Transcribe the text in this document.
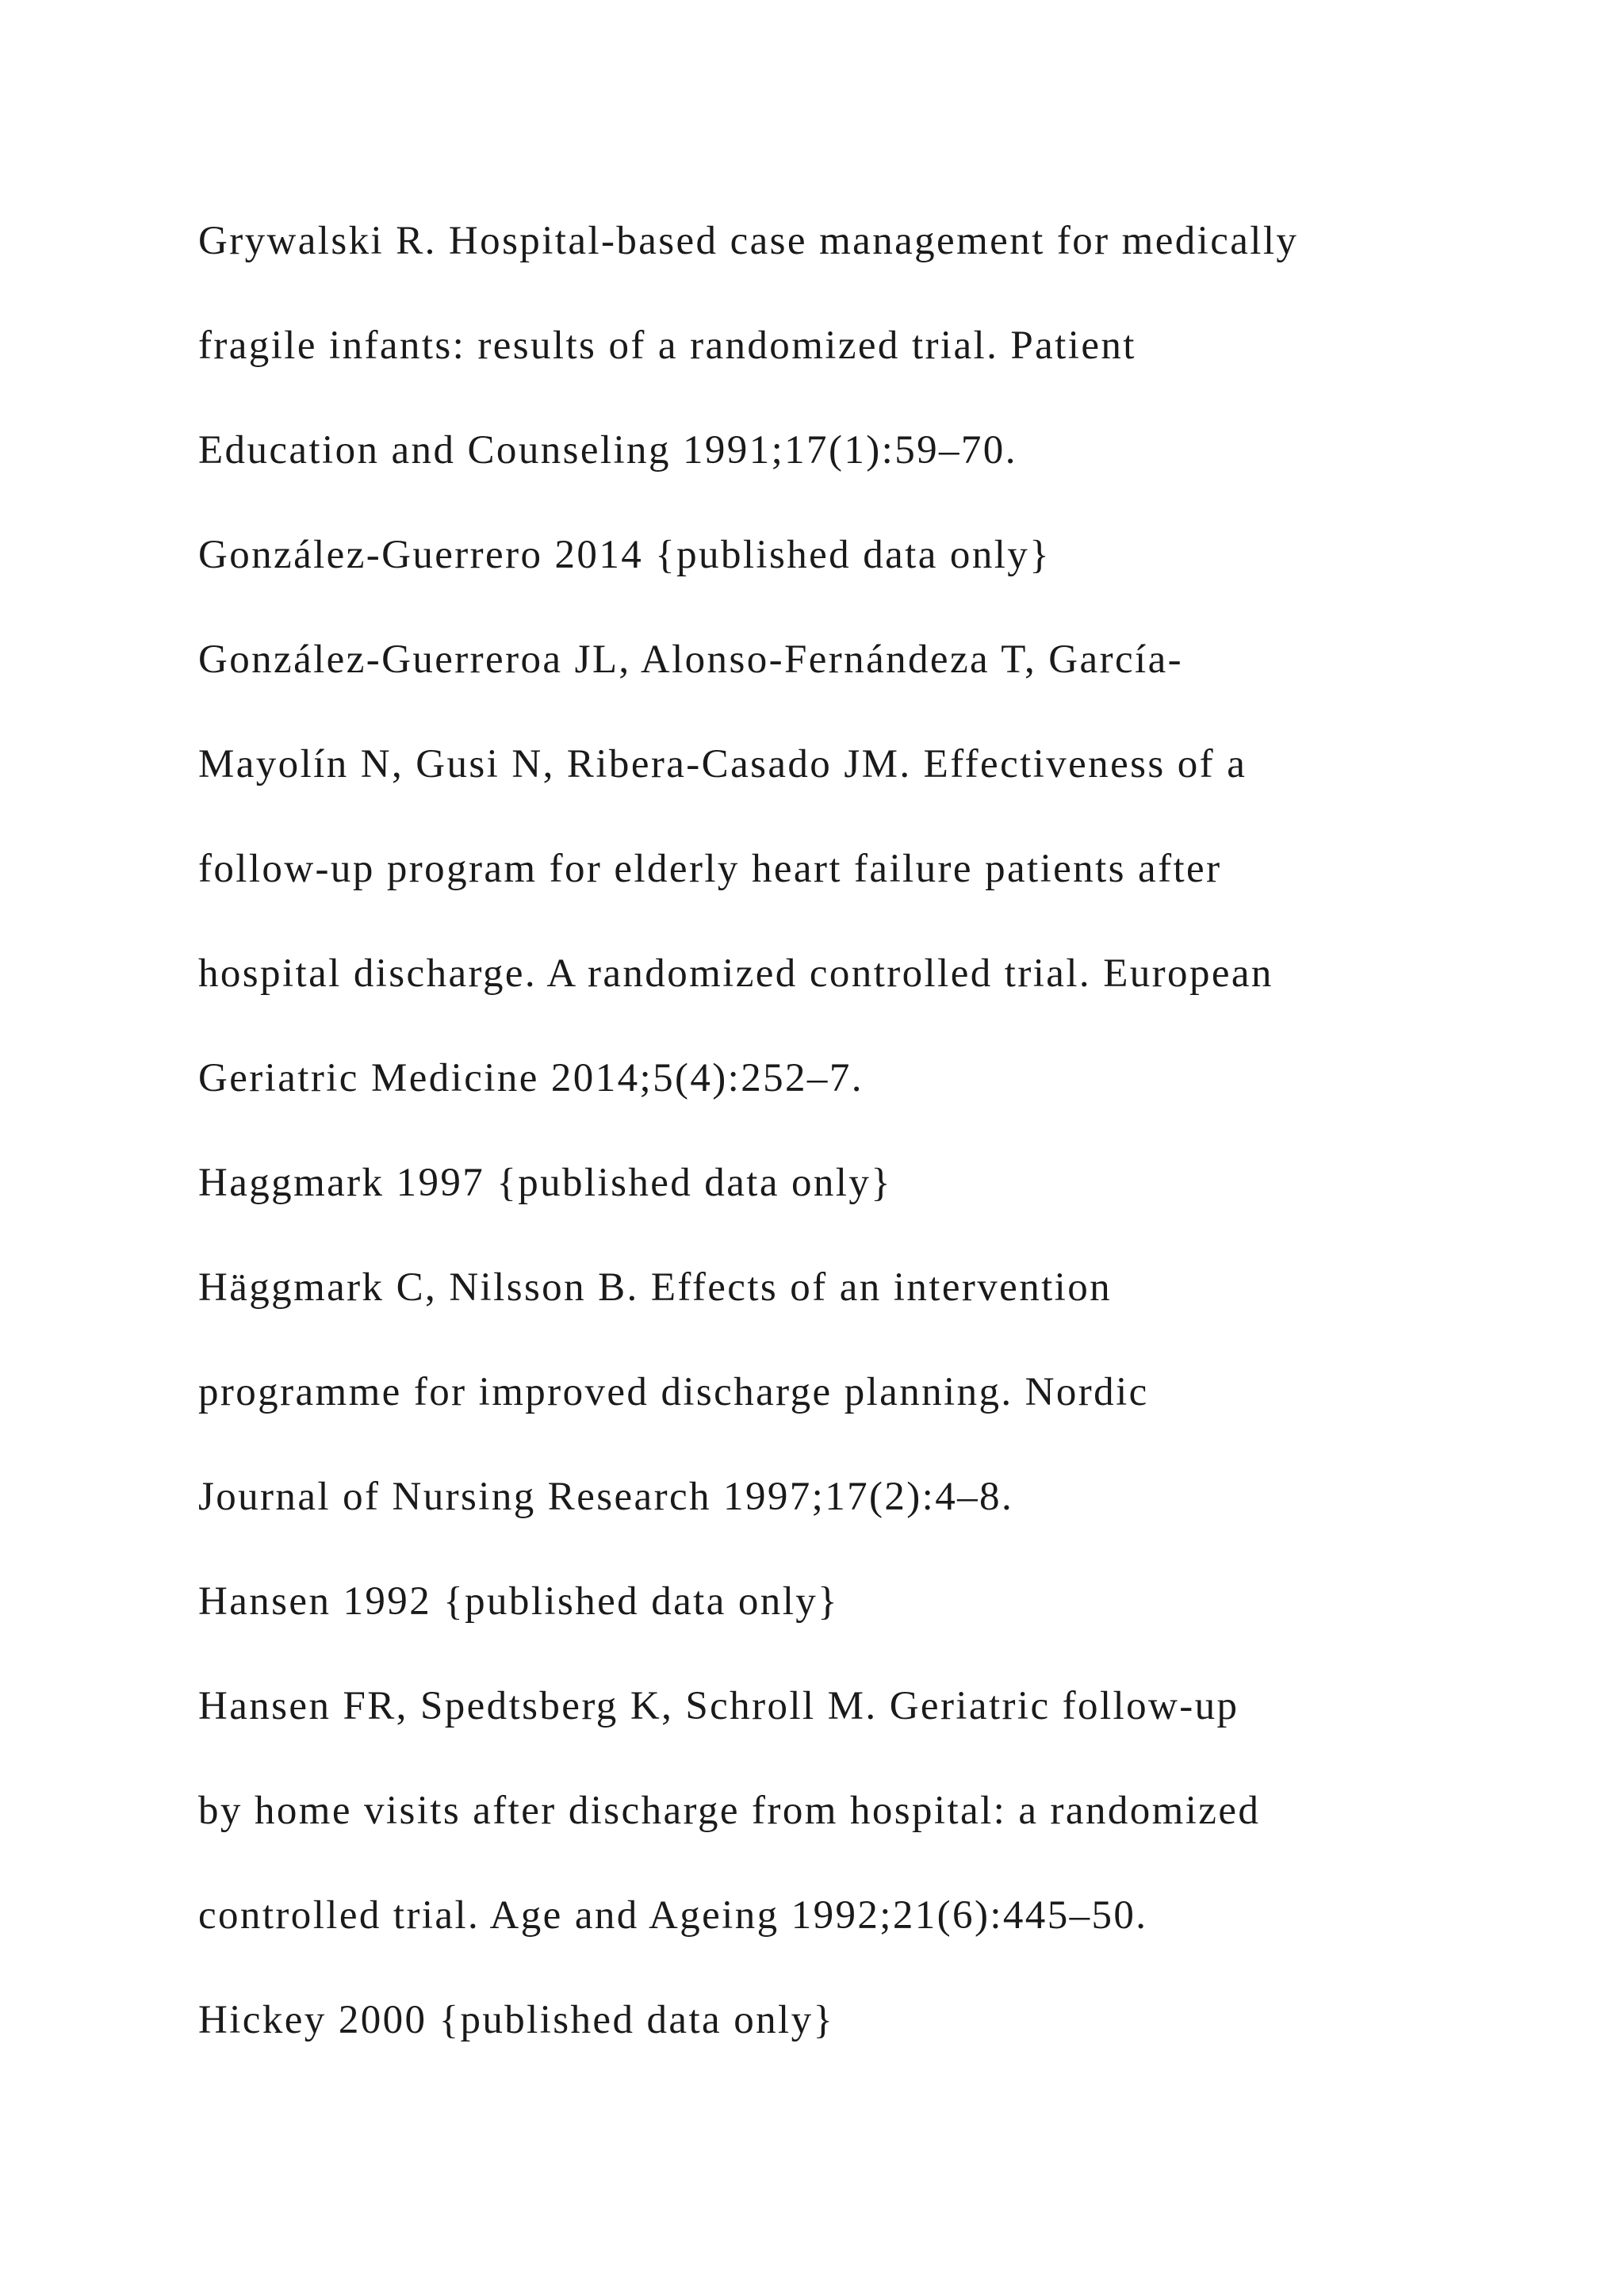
Grywalski R. Hospital-based case management for medically
fragile infants: results of a randomized trial. Patient
Education and Counseling 1991;17(1):59–70.
González-Guerrero 2014 {published data only}
González-Guerreroa JL, Alonso-Fernándeza T, García-
Mayolín N, Gusi N, Ribera-Casado JM. Effectiveness of a
follow-up program for elderly heart failure patients after
hospital discharge. A randomized controlled trial. European
Geriatric Medicine 2014;5(4):252–7.
Haggmark 1997 {published data only}
Häggmark C, Nilsson B. Effects of an intervention
programme for improved discharge planning. Nordic
Journal of Nursing Research 1997;17(2):4–8.
Hansen 1992 {published data only}
Hansen FR, Spedtsberg K, Schroll M. Geriatric follow-up
by home visits after discharge from hospital: a randomized
controlled trial. Age and Ageing 1992;21(6):445–50.
Hickey 2000 {published data only}
